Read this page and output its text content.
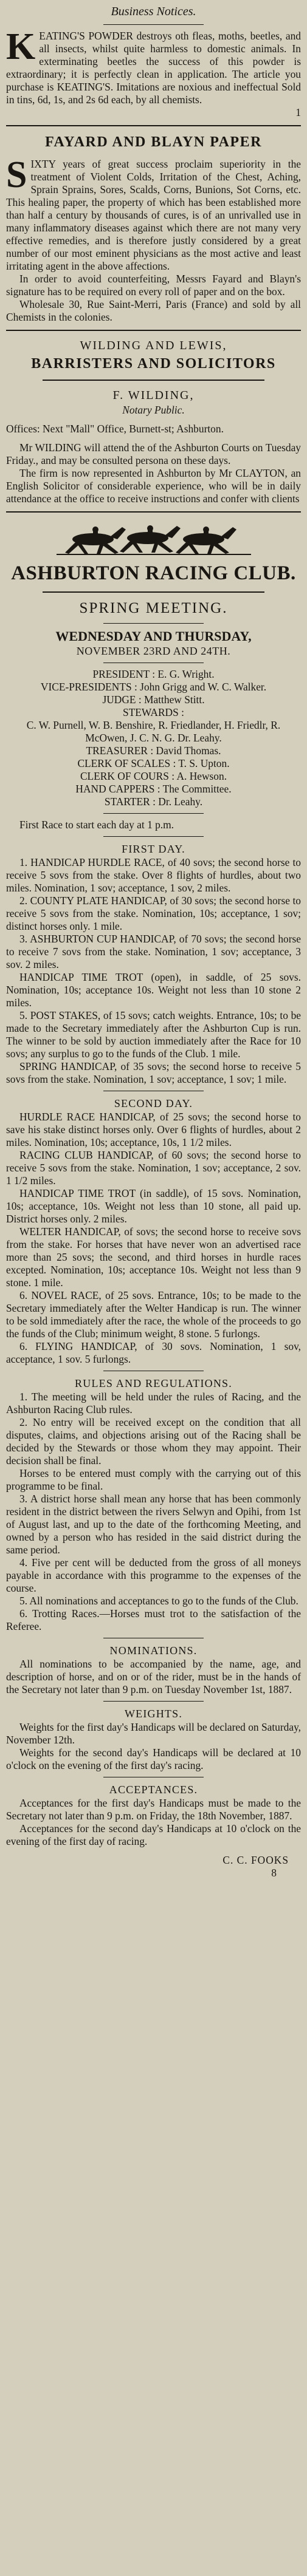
Business Notices.

K EATING'S POWDER destroys oth fleas, moths, beetles, and all insects, whilst quite harmless to domestic animals. In exterminating beetles the success of this powder is extraordinary; it is perfectly clean in application. The article you purchase is KEATING'S. Imitations are noxious and ineffectual Sold in tins, 6d, 1s, and 2s 6d each, by all chemists.

1

FAYARD AND BLAYN PAPER

S IXTY years of great success proclaim superiority in the treatment of Violent Colds, Irritation of the Chest, Aching, Sprain Sprains, Sores, Scalds, Corns, Bunions, Sot Corns, etc. This healing paper, the property of which has been established more than half a century by thousands of cures, is of an unrivalled use in many inflammatory diseases against which there are not many very effective remedies, and is therefore justly considered by a great number of our most eminent physicians as the most active and least irritating agent in the above affections.

In order to avoid counterfeiting, Messrs Fayard and Blayn's signature has to be required on every roll of paper and on the box.

Wholesale 30, Rue Saint-Merri, Paris (France) and sold by all Chemists in the colonies.

WILDING AND LEWIS,

BARRISTERS AND SOLICITORS

F. WILDING,

Notary Public.

Offices: Next "Mall" Office, Burnett-st; Ashburton.

Mr WILDING will attend the of the Ashburton Courts on Tuesday Friday., and may be consulted persona on these days.

The firm is now represented in Ashburton by Mr CLAYTON, an English Solicitor of considerable experience, who will be in daily attendance at the office to receive instructions and confer with clients

ASHBURTON RACING CLUB.

SPRING MEETING.

WEDNESDAY AND THURSDAY,

NOVEMBER 23RD AND 24TH.

PRESIDENT : E. G. Wright.

VICE-PRESIDENTS : John Grigg and W. C. Walker.

JUDGE : Matthew Stitt.

STEWARDS :

C. W. Purnell, W. B. Benshire, R. Friedlander, H. Friedlr, R. McOwen, J. C. N. G. Dr. Leahy.

TREASURER : David Thomas.

CLERK OF SCALES : T. S. Upton.

CLERK OF COURS : A. Hewson.

HAND CAPPERS : The Committee.

STARTER : Dr. Leahy.

First Race to start each day at 1 p.m.

FIRST DAY.

1. HANDICAP HURDLE RACE, of 40 sovs; the second horse to receive 5 sovs from the stake. Over 8 flights of hurdles, about two miles. Nomination, 1 sov; acceptance, 1 sov, 2 miles.

2. COUNTY PLATE HANDICAP, of 30 sovs; the second horse to receive 5 sovs from the stake. Nomination, 10s; acceptance, 1 sov; distinct horses only. 1 mile.

3. ASHBURTON CUP HANDICAP, of 70 sovs; the second horse to receive 7 sovs from the stake. Nomination, 1 sov; acceptance, 3 sov. 2 miles.

HANDICAP TIME TROT (open), in saddle, of 25 sovs. Nomination, 10s; acceptance 10s. Weight not less than 10 stone 2 miles.

5. POST STAKES, of 15 sovs; catch weights. Entrance, 10s; to be made to the Secretary immediately after the Ashburton Cup is run. The winner to be sold by auction immediately after the Race for 10 sovs; any surplus to go to the funds of the Club. 1 mile.

SPRING HANDICAP, of 35 sovs; the second horse to receive 5 sovs from the stake. Nomination, 1 sov; acceptance, 1 sov; 1 mile.

SECOND DAY.

HURDLE RACE HANDICAP, of 25 sovs; the second horse to save his stake distinct horses only. Over 6 flights of hurdles, about 2 miles. Nomination, 10s; acceptance, 10s, 1 1/2 miles.

RACING CLUB HANDICAP, of 60 sovs; the second horse to receive 5 sovs from the stake. Nomination, 1 sov; acceptance, 2 sov. 1 1/2 miles.

HANDICAP TIME TROT (in saddle), of 15 sovs. Nomination, 10s; acceptance, 10s. Weight not less than 10 stone, all paid up. District horses only. 2 miles.

WELTER HANDICAP, of sovs; the second horse to receive sovs from the stake. For horses that have never won an advertised race more than 25 sovs; the second, and third horses in hurdle races excepted. Nomination, 10s; acceptance 10s. Weight not less than 9 stone. 1 mile.

6. NOVEL RACE, of 25 sovs. Entrance, 10s; to be made to the Secretary immediately after the Welter Handicap is run. The winner to be sold immediately after the race, the whole of the proceeds to go the funds of the Club; minimum weight, 8 stone. 5 furlongs.

6. FLYING HANDICAP, of 30 sovs. Nomination, 1 sov, acceptance, 1 sov. 5 furlongs.

RULES AND REGULATIONS.

1. The meeting will be held under the rules of Racing, and the Ashburton Racing Club rules.

2. No entry will be received except on the condition that all disputes, claims, and objections arising out of the Racing shall be decided by the Stewards or those whom they may appoint. Their decision shall be final.

Horses to be entered must comply with the carrying out of this programme to be final.

3. A district horse shall mean any horse that has been commonly resident in the district between the rivers Selwyn and Opihi, from 1st of August last, and up to the date of the forthcoming Meeting, and owned by a person who has resided in the said district during the same period.

4. Five per cent will be deducted from the gross of all moneys payable in accordance with this programme to the expenses of the course.

5. All nominations and acceptances to go to the funds of the Club.

6. Trotting Races.—Horses must trot to the satisfaction of the Referee.

NOMINATIONS.

All nominations to be accompanied by the name, age, and description of horse, and on or of the rider, must be in the hands of the Secretary not later than 9 p.m. on Tuesday November 1st, 1887.

WEIGHTS.

Weights for the first day's Handicaps will be declared on Saturday, November 12th.

Weights for the second day's Handicaps will be declared at 10 o'clock on the evening of the first day's racing.

ACCEPTANCES.

Acceptances for the first day's Handicaps must be made to the Secretary not later than 9 p.m. on Friday, the 18th November, 1887.

Acceptances for the second day's Handicaps at 10 o'clock on the evening of the first day of racing.

C. C. FOOKS

8
